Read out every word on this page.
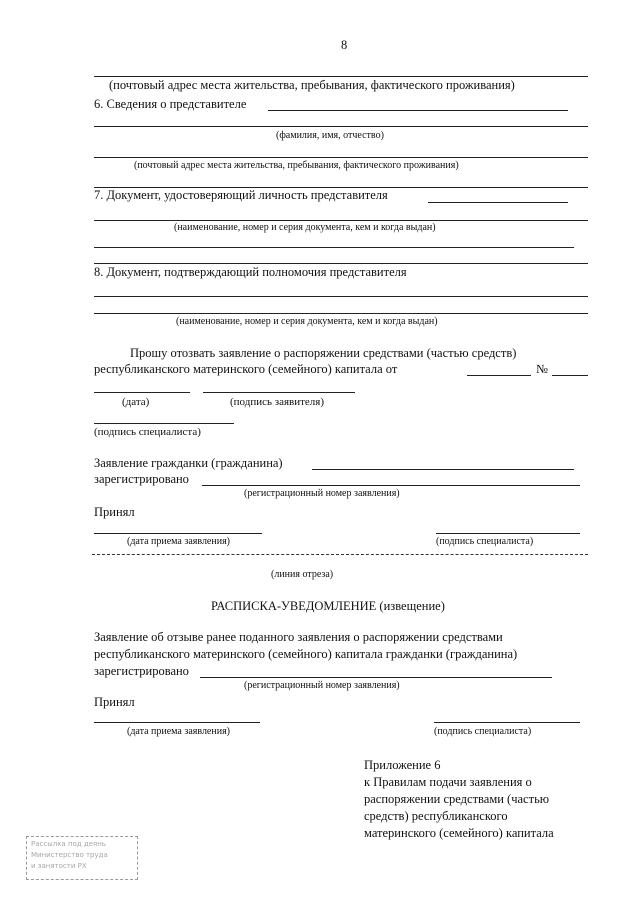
8
(почтовый адрес места жительства, пребывания, фактического проживания)
6. Сведения о представителе
(фамилия, имя, отчество)
(почтовый адрес места жительства, пребывания, фактического проживания)
7. Документ, удостоверяющий личность представителя
(наименование, номер и серия документа, кем и когда выдан)
8. Документ, подтверждающий полномочия представителя
(наименование, номер и серия документа, кем и когда выдан)
Прошу отозвать заявление о распоряжении средствами (частью средств)
республиканского материнского (семейного) капитала от	№
(дата)	(подпись заявителя)
(подпись специалиста)
Заявление гражданки (гражданина)
зарегистрировано
(регистрационный номер заявления)
Принял
(дата приема заявления)	(подпись специалиста)
(линия отреза)
РАСПИСКА-УВЕДОМЛЕНИЕ (извещение)
Заявление об отзыве ранее поданного заявления о распоряжении средствами
республиканского материнского (семейного) капитала гражданки (гражданина)
зарегистрировано
(регистрационный номер заявления)
Принял
(дата приема заявления)	(подпись специалиста)
Приложение 6
к Правилам подачи заявления о
распоряжении средствами (частью
средств) республиканского
материнского (семейного) капитала
Рассылка под деянь
Министерство труда
и занятости РХ
